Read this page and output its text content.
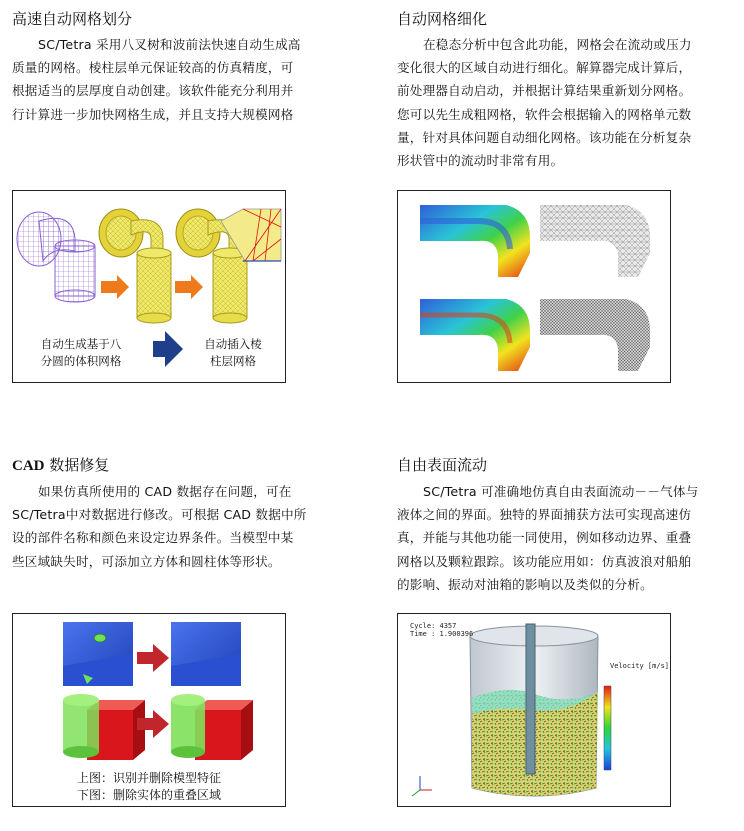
高速自动网格划分
SC/Tetra 采用八叉树和波前法快速自动生成高
质量的网格。棱柱层单元保证较高的仿真精度，可
根据适当的层厚度自动创建。该软件能充分利用并
行计算进一步加快网格生成，并且支持大规模网格
自动生成基于八
分圆的体积网格
自动插入棱
柱层网格
自动网格细化
在稳态分析中包含此功能，网格会在流动或压力
变化很大的区域自动进行细化。解算器完成计算后，
前处理器自动启动，并根据计算结果重新划分网格。
您可以先生成粗网格，软件会根据输入的网格单元数
量，针对具体问题自动细化网格。该功能在分析复杂
形状管中的流动时非常有用。
CAD 数据修复
如果仿真所使用的 CAD 数据存在问题，可在
SC/Tetra中对数据进行修改。可根据 CAD 数据中所
设的部件名称和颜色来设定边界条件。当模型中某
些区域缺失时，可添加立方体和圆柱体等形状。
上图：识别并删除模型特征
下图：删除实体的重叠区域
自由表面流动
SC/Tetra 可准确地仿真自由表面流动－－气体与
液体之间的界面。独特的界面捕获方法可实现高速仿
真，并能与其他功能一同使用，例如移动边界、重叠
网格以及颗粒跟踪。该功能应用如：仿真波浪对船舶
的影响、振动对油箱的影响以及类似的分析。
Cycle: 4357
Time : 1.900396
Velocity [m/s]
